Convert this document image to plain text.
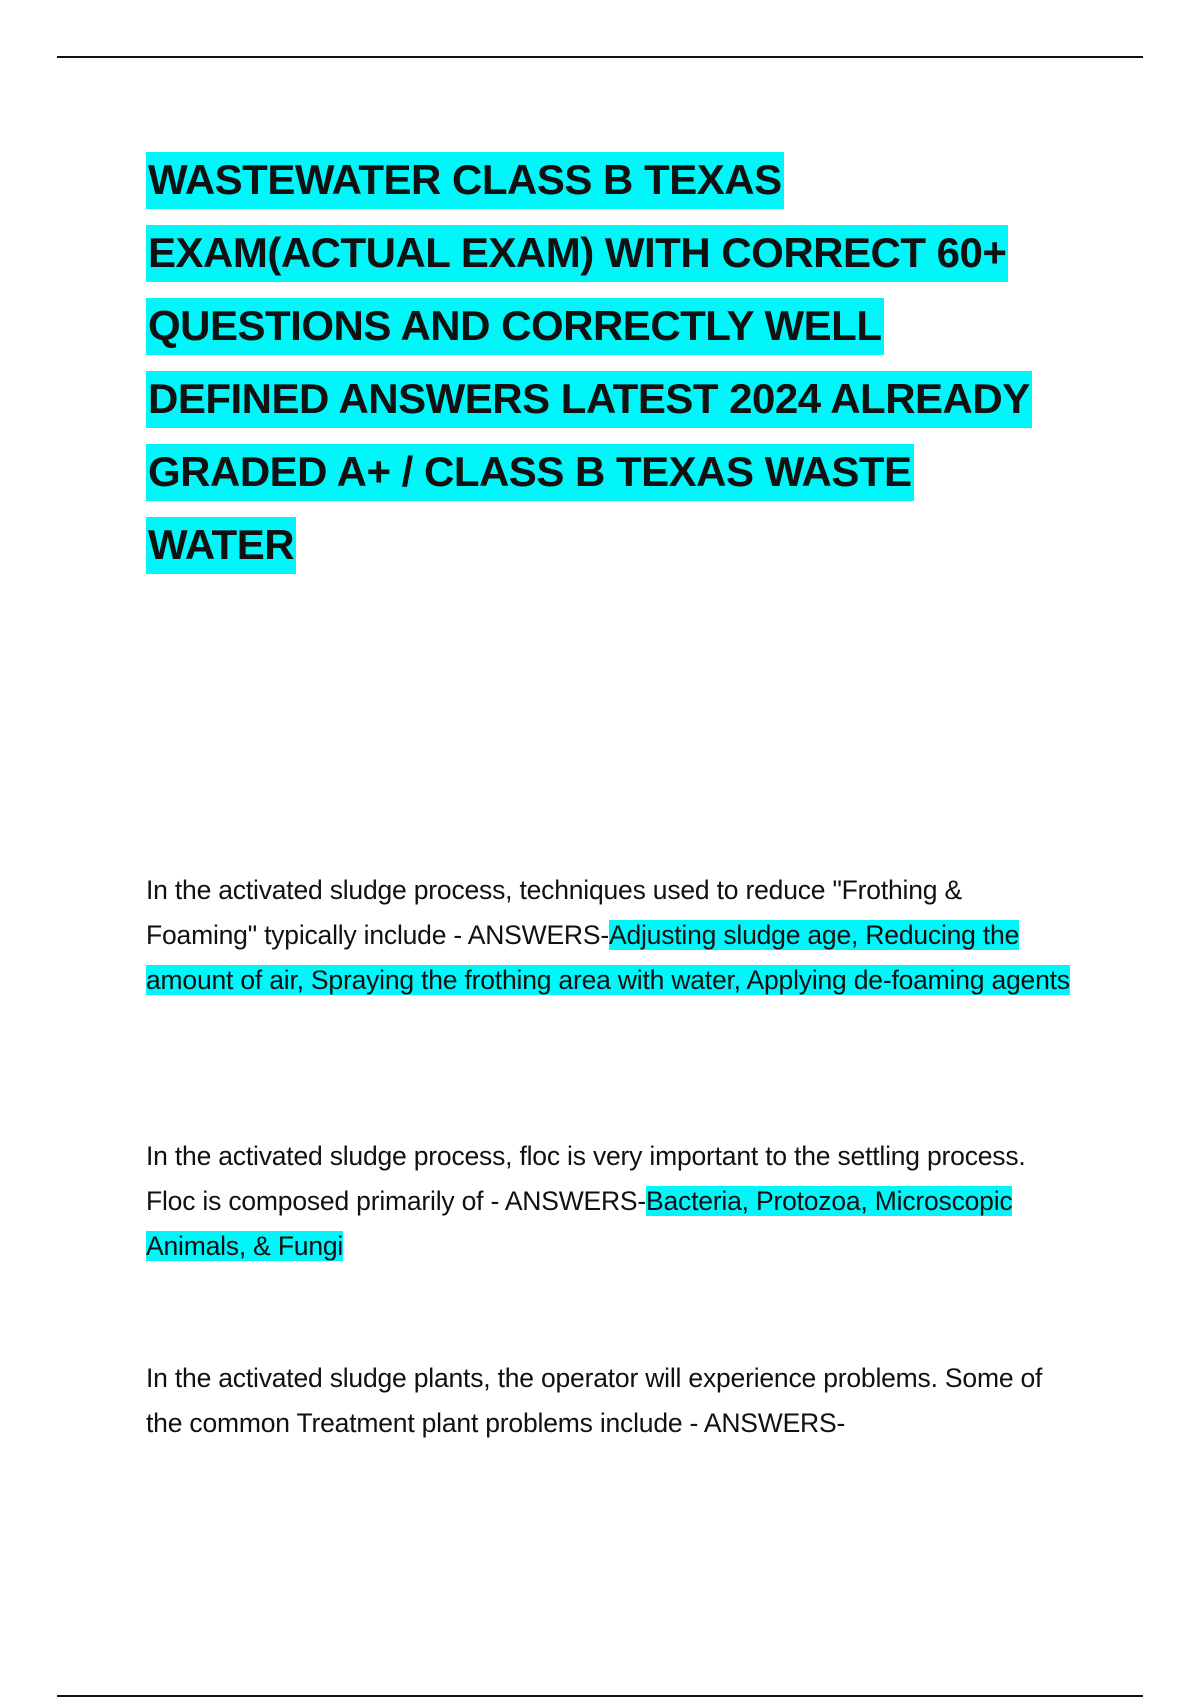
WASTEWATER CLASS B TEXAS
EXAM(ACTUAL EXAM) WITH CORRECT 60+
QUESTIONS AND CORRECTLY WELL
DEFINED ANSWERS LATEST 2024 ALREADY
GRADED A+ / CLASS B TEXAS WASTE
WATER

In the activated sludge process, techniques used to reduce "Frothing & Foaming" typically include - ANSWERS-Adjusting sludge age, Reducing the amount of air, Spraying the frothing area with water, Applying de-foaming agents

In the activated sludge process, floc is very important to the settling process. Floc is composed primarily of - ANSWERS-Bacteria, Protozoa, Microscopic Animals, & Fungi

In the activated sludge plants, the operator will experience problems. Some of the common Treatment plant problems include - ANSWERS-
